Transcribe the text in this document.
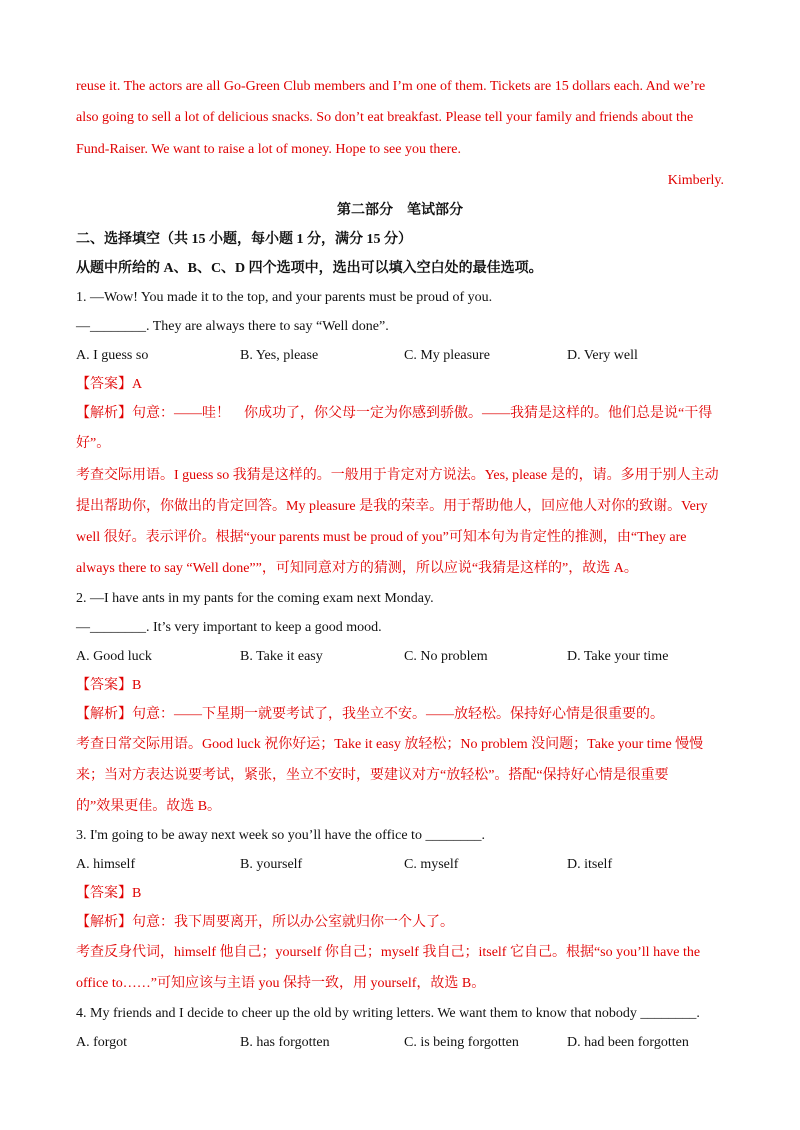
reuse it. The actors are all Go-Green Club members and I’m one of them. Tickets are 15 dollars each. And we’re
also going to sell a lot of delicious snacks. So don’t eat breakfast. Please tell your family and friends about the
Fund-Raiser. We want to raise a lot of money. Hope to see you there.
Kimberly.
第二部分　笔试部分
二、选择填空（共 15 小题，每小题 1 分，满分 15 分）
从题中所给的 A、B、C、D 四个选项中，选出可以填入空白处的最佳选项。
1. —Wow! You made it to the top, and your parents must be proud of you.
—________. They are always there to say “Well done”.
A. I guess so	B. Yes, please	C. My pleasure	D. Very well
【答案】A
【解析】句意：——哇！　你成功了，你父母一定为你感到骄傲。——我猜是这样的。他们总是说“干得
好”。
考查交际用语。I guess so 我猜是这样的。一般用于肯定对方说法。Yes, please 是的，请。多用于别人主动
提出帮助你，你做出的肯定回答。My pleasure 是我的荣幸。用于帮助他人，回应他人对你的致谢。Very
well 很好。表示评价。根据“your parents must be proud of you”可知本句为肯定性的推测，由“They are
always there to say “Well done””，可知同意对方的猜测，所以应说“我猜是这样的”，故选 A。
2. —I have ants in my pants for the coming exam next Monday.
—________. It’s very important to keep a good mood.
A. Good luck	B. Take it easy	C. No problem	D. Take your time
【答案】B
【解析】句意：——下星期一就要考试了，我坐立不安。——放轻松。保持好心情是很重要的。
考查日常交际用语。Good luck 祝你好运；Take it easy 放轻松；No problem 没问题；Take your time 慢慢
来；当对方表达说要考试，紧张，坐立不安时，要建议对方“放轻松”。搭配“保持好心情是很重要
的”效果更佳。故选 B。
3. I'm going to be away next week so you’ll have the office to ________.
A. himself	B. yourself	C. myself	D. itself
【答案】B
【解析】句意：我下周要离开，所以办公室就归你一个人了。
考查反身代词，himself 他自己；yourself 你自己；myself 我自己；itself 它自己。根据“so you’ll have the
office to……”可知应该与主语 you 保持一致，用 yourself，故选 B。
4. My friends and I decide to cheer up the old by writing letters. We want them to know that nobody ________.
A. forgot	B. has forgotten	C. is being forgotten	D. had been forgotten
